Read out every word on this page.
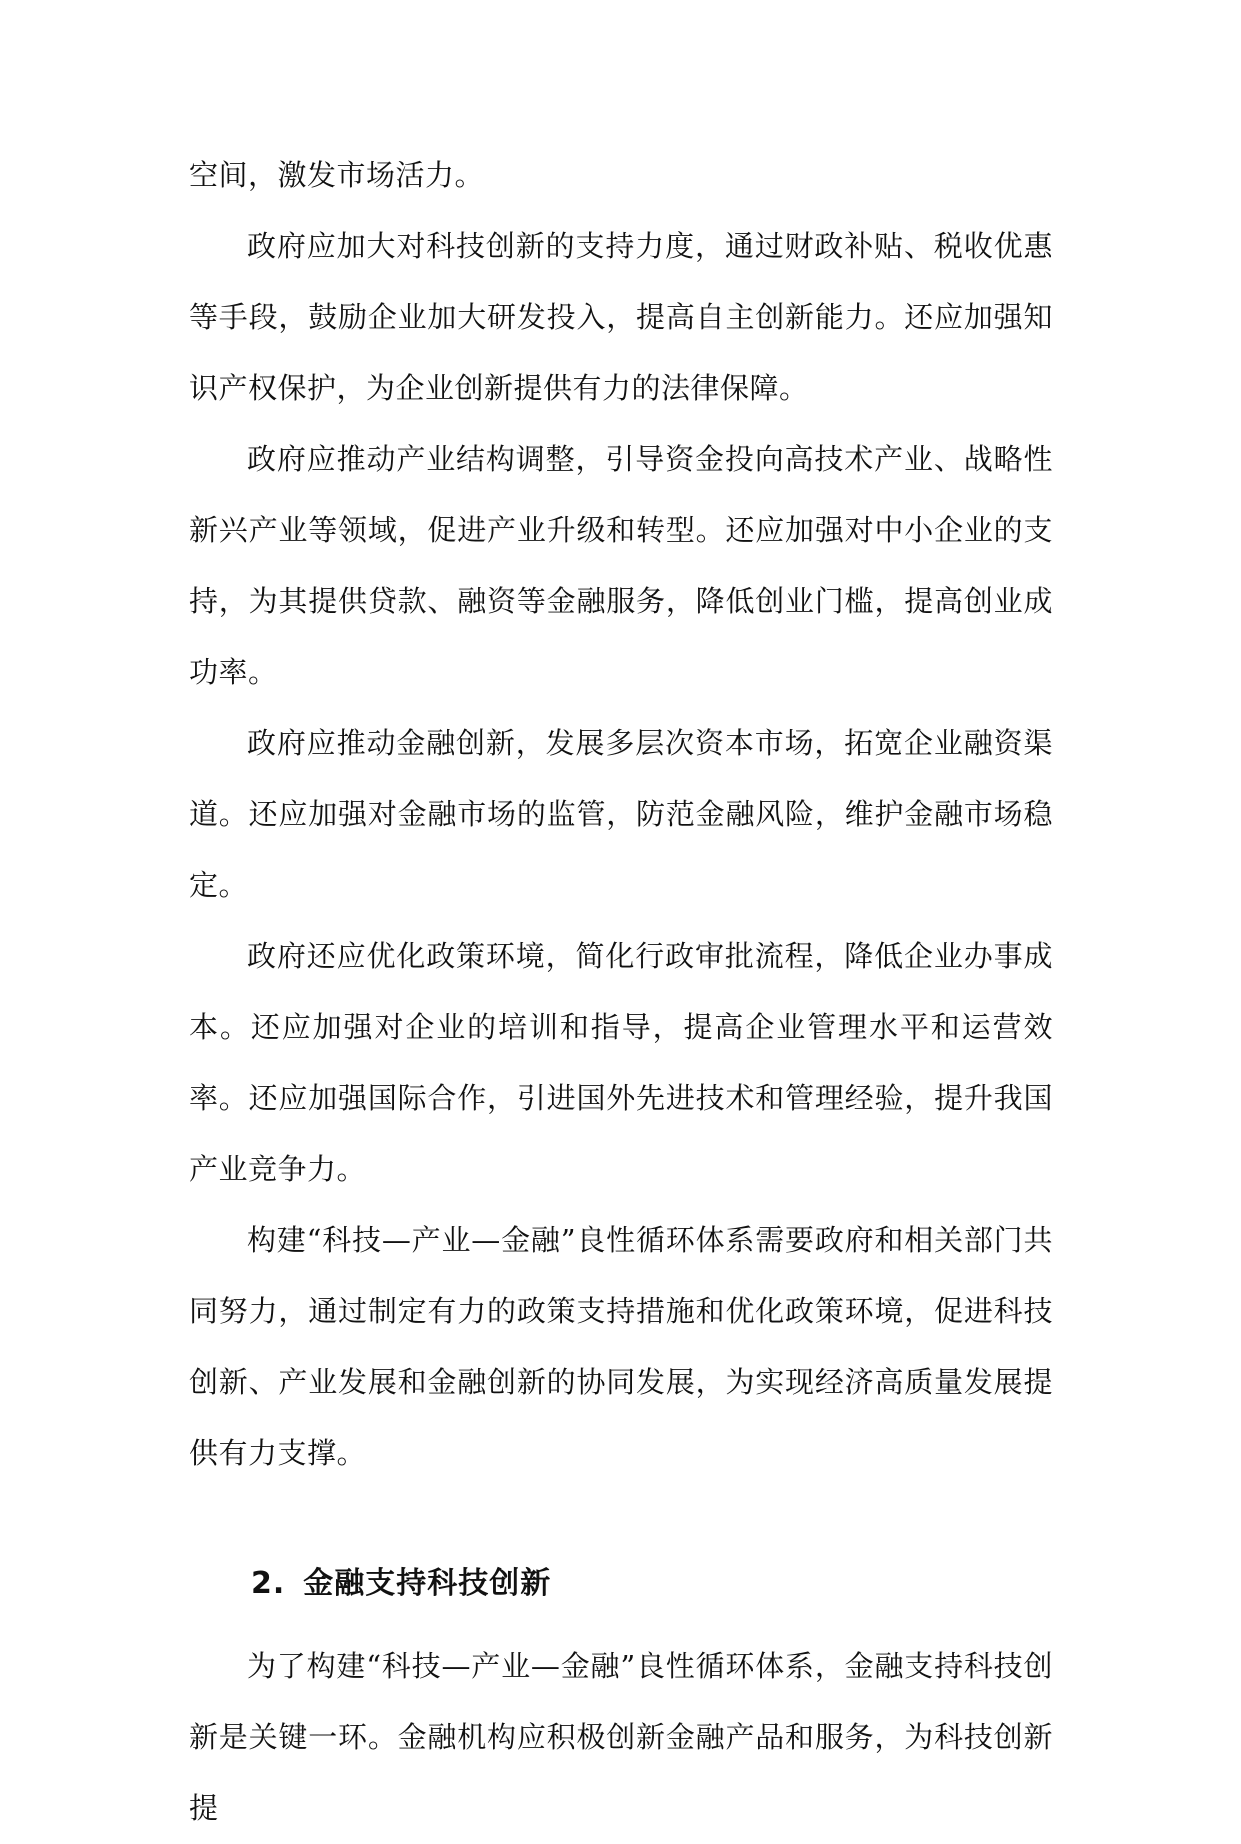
空间，激发市场活力。

政府应加大对科技创新的支持力度，通过财政补贴、税收优惠等手段，鼓励企业加大研发投入，提高自主创新能力。还应加强知识产权保护，为企业创新提供有力的法律保障。

政府应推动产业结构调整，引导资金投向高技术产业、战略性新兴产业等领域，促进产业升级和转型。还应加强对中小企业的支持，为其提供贷款、融资等金融服务，降低创业门槛，提高创业成功率。

政府应推动金融创新，发展多层次资本市场，拓宽企业融资渠道。还应加强对金融市场的监管，防范金融风险，维护金融市场稳定。

政府还应优化政策环境，简化行政审批流程，降低企业办事成本。还应加强对企业的培训和指导，提高企业管理水平和运营效率。还应加强国际合作，引进国外先进技术和管理经验，提升我国产业竞争力。

构建“科技—产业—金融”良性循环体系需要政府和相关部门共同努力，通过制定有力的政策支持措施和优化政策环境，促进科技创新、产业发展和金融创新的协同发展，为实现经济高质量发展提供有力支撑。

2. 金融支持科技创新

为了构建“科技—产业—金融”良性循环体系，金融支持科技创新是关键一环。金融机构应积极创新金融产品和服务，为科技创新提
